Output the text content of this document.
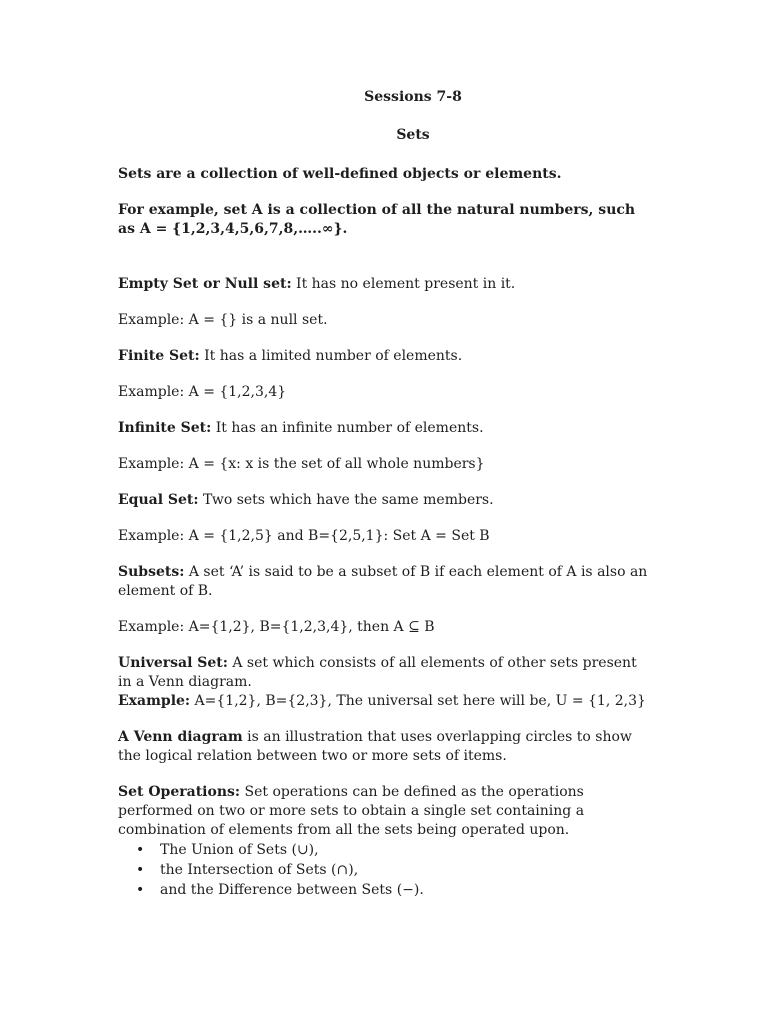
Sessions 7-8

Sets

Sets are a collection of well-defined objects or elements.

For example, set A is a collection of all the natural numbers, such as A = {1,2,3,4,5,6,7,8,…..∞}.

Empty Set or Null set: It has no element present in it.

Example: A = {} is a null set.

Finite Set: It has a limited number of elements.

Example: A = {1,2,3,4}

Infinite Set: It has an infinite number of elements.

Example: A = {x: x is the set of all whole numbers}

Equal Set: Two sets which have the same members.

Example: A = {1,2,5} and B={2,5,1}: Set A = Set B

Subsets: A set ‘A’ is said to be a subset of B if each element of A is also an element of B.

Example: A={1,2}, B={1,2,3,4}, then A ⊆ B

Universal Set: A set which consists of all elements of other sets present in a Venn diagram.

Example: A={1,2}, B={2,3}, The universal set here will be, U = {1, 2,3}

A Venn diagram is an illustration that uses overlapping circles to show the logical relation between two or more sets of items.

Set Operations: Set operations can be defined as the operations performed on two or more sets to obtain a single set containing a combination of elements from all the sets being operated upon.

• The Union of Sets (∪),
• the Intersection of Sets (∩),
• and the Difference between Sets (−).
